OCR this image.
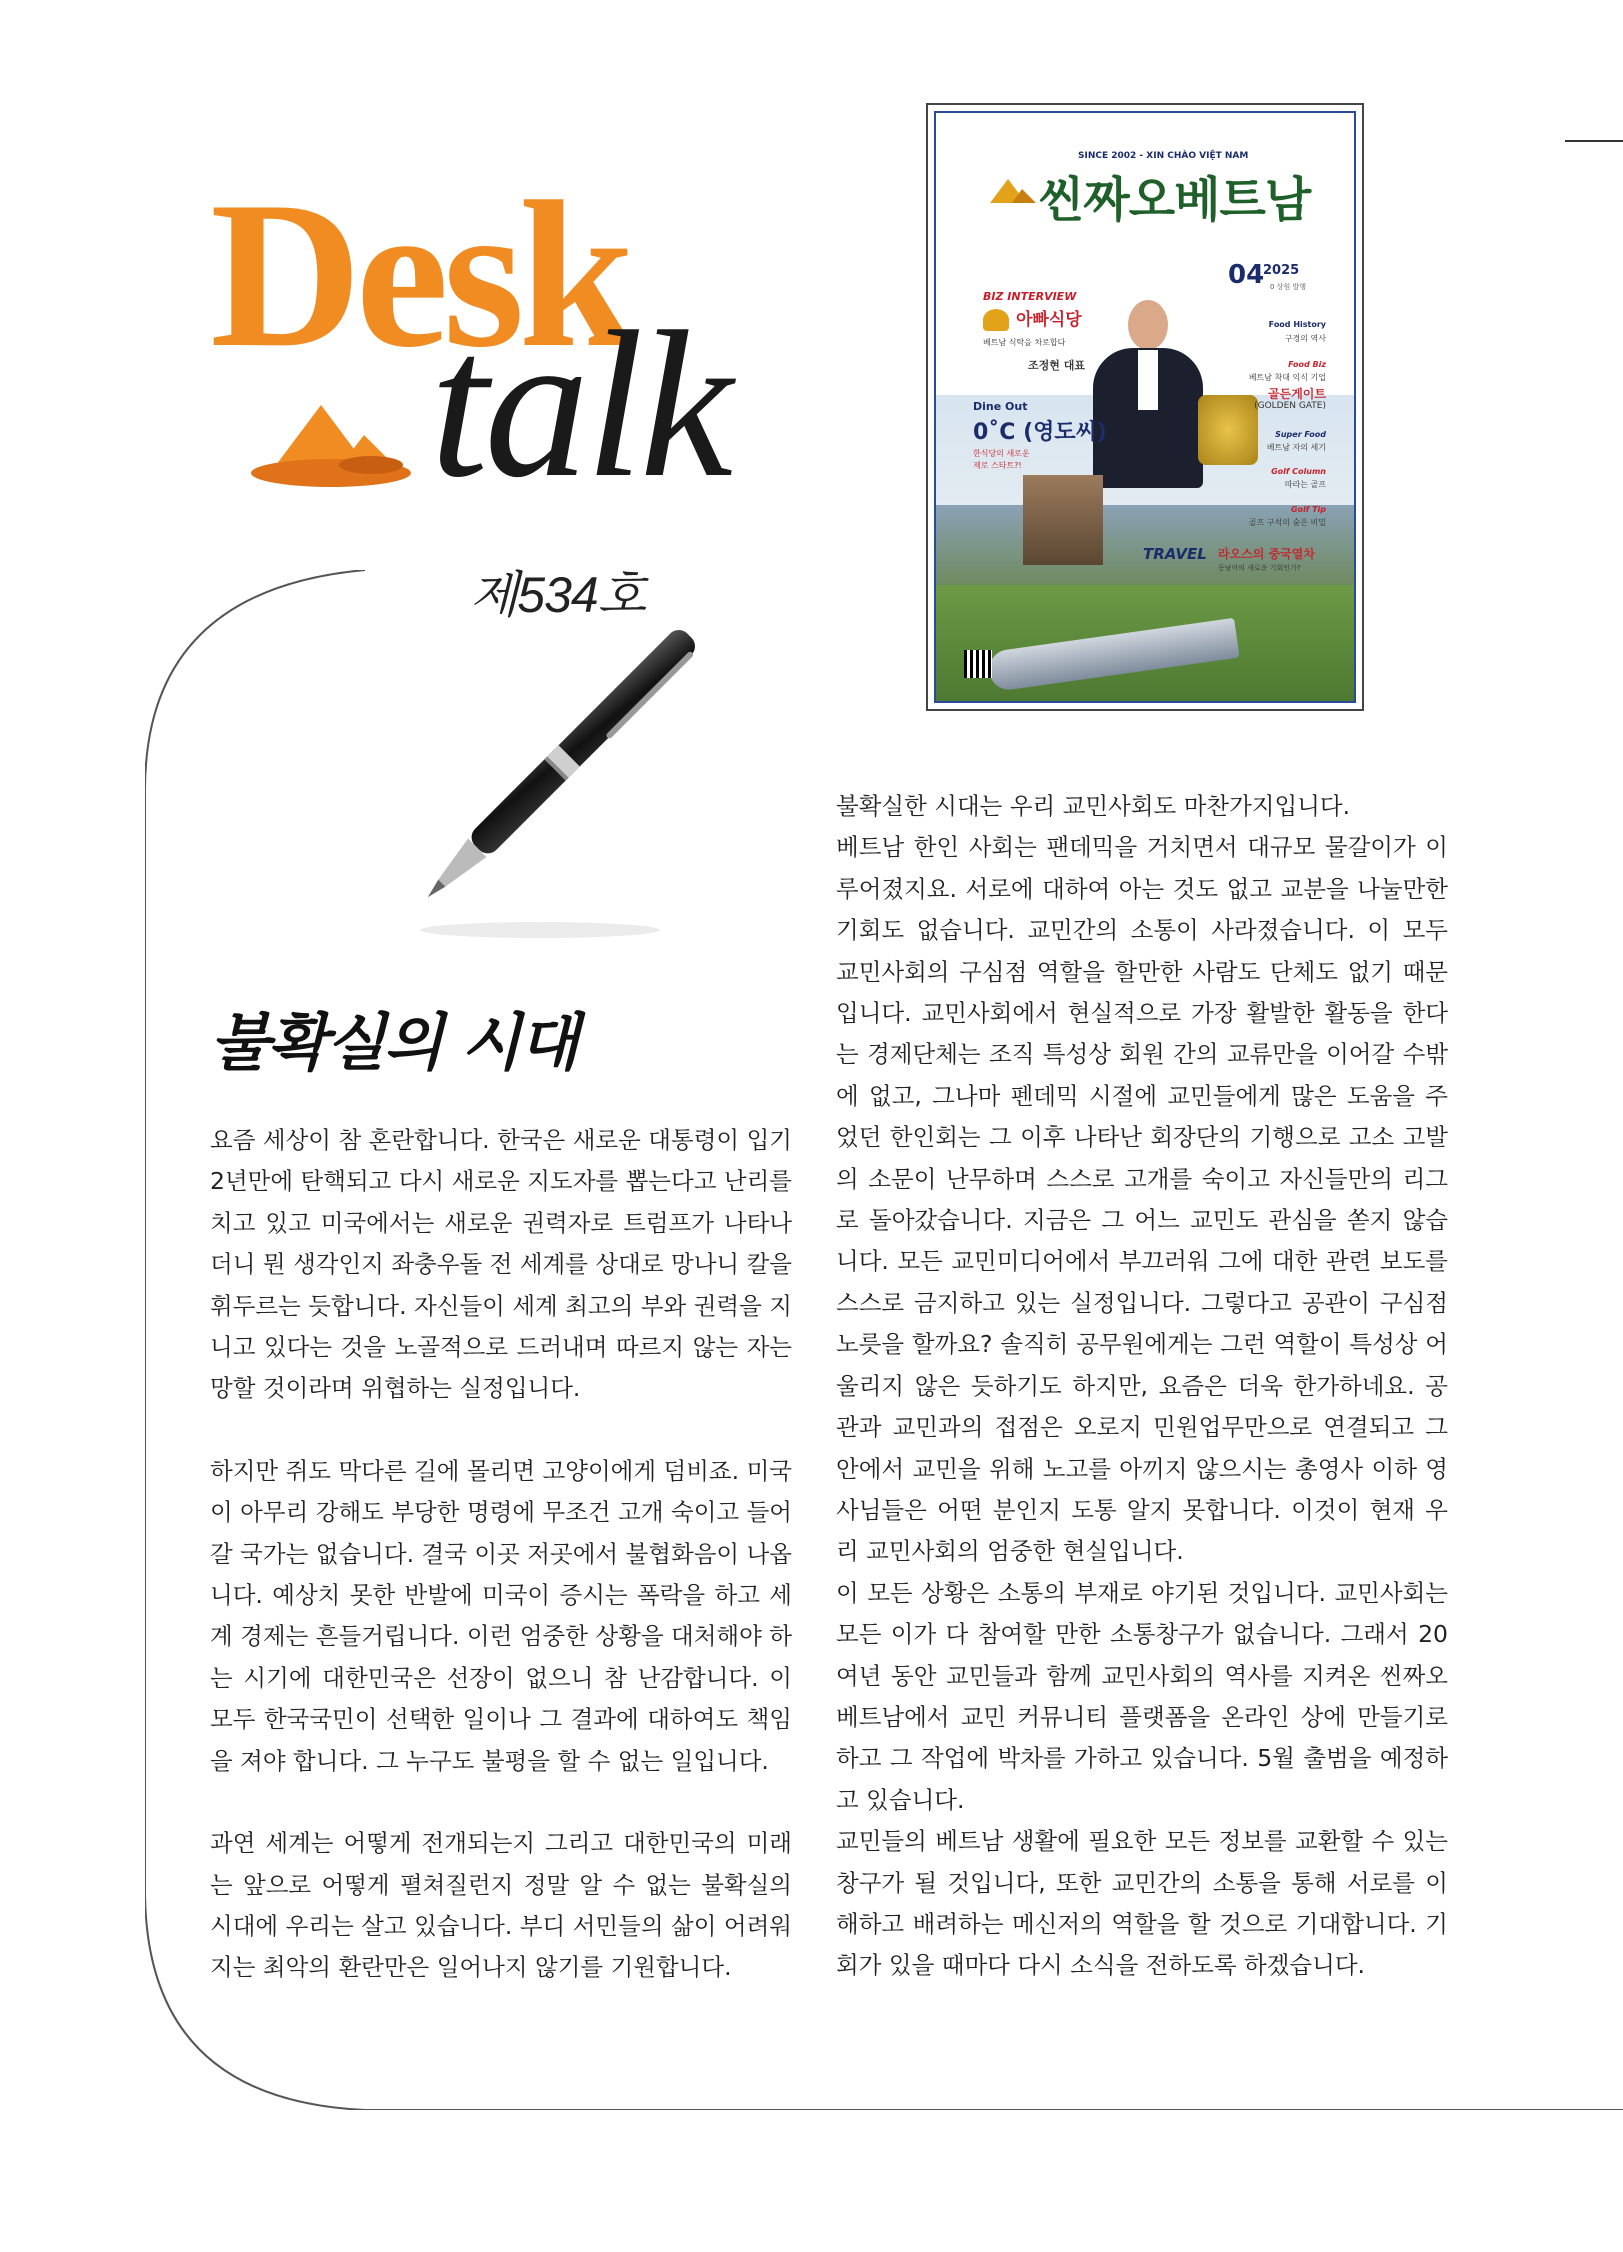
Desk
talk
제534호
SINCE 2002 - XIN CHÀO VIỆT NAM
씬짜오베트남
04
2025
0 상원 발행
BIZ INTERVIEW
아빠식당
베트남 식탁을 차로합다
조정현 대표
Dine Out
0˚C (영도씨)
한식당의 새로운
제로 스타트?!
Food History
구경의 역사
Food Biz
베트남 착대 익식 기업
골든게이트
(GOLDEN GATE)
Super Food
베트남 자의 세기
Golf Column
따라는 골프
Golf Tip
골프 구석의 숨은 비밀
TRAVEL 라오스의 중국열차
동남아의 새로운 기회인가?
불확실의 시대

요즘 세상이 참 혼란합니다. 한국은 새로운 대통령이 입기 2년만에 탄핵되고 다시 새로운 지도자를 뽑는다고 난리를 치고 있고 미국에서는 새로운 권력자로 트럼프가 나타나더니 뭔 생각인지 좌충우돌 전 세계를 상대로 망나니 칼을 휘두르는 듯합니다. 자신들이 세계 최고의 부와 권력을 지니고 있다는 것을 노골적으로 드러내며 따르지 않는 자는 망할 것이라며 위협하는 실정입니다.

하지만 쥐도 막다른 길에 몰리면 고양이에게 덤비죠. 미국이 아무리 강해도 부당한 명령에 무조건 고개 숙이고 들어갈 국가는 없습니다. 결국 이곳 저곳에서 불협화음이 나옵니다. 예상치 못한 반발에 미국이 증시는 폭락을 하고 세계 경제는 흔들거립니다. 이런 엄중한 상황을 대처해야 하는 시기에 대한민국은 선장이 없으니 참 난감합니다. 이 모두 한국국민이 선택한 일이나 그 결과에 대하여도 책임을 져야 합니다. 그 누구도 불평을 할 수 없는 일입니다.

과연 세계는 어떻게 전개되는지 그리고 대한민국의 미래는 앞으로 어떻게 펼쳐질런지 정말 알 수 없는 불확실의 시대에 우리는 살고 있습니다. 부디 서민들의 삶이 어려워지는 최악의 환란만은 일어나지 않기를 기원합니다.

불확실한 시대는 우리 교민사회도 마찬가지입니다.

베트남 한인 사회는 팬데믹을 거치면서 대규모 물갈이가 이루어졌지요. 서로에 대하여 아는 것도 없고 교분을 나눌만한 기회도 없습니다. 교민간의 소통이 사라졌습니다. 이 모두 교민사회의 구심점 역할을 할만한 사람도 단체도 없기 때문입니다. 교민사회에서 현실적으로 가장 활발한 활동을 한다는 경제단체는 조직 특성상 회원 간의 교류만을 이어갈 수밖에 없고, 그나마 펜데믹 시절에 교민들에게 많은 도움을 주었던 한인회는 그 이후 나타난 회장단의 기행으로 고소 고발의 소문이 난무하며 스스로 고개를 숙이고 자신들만의 리그로 돌아갔습니다. 지금은 그 어느 교민도 관심을 쏟지 않습니다. 모든 교민미디어에서 부끄러워 그에 대한 관련 보도를 스스로 금지하고 있는 실정입니다. 그렇다고 공관이 구심점 노릇을 할까요? 솔직히 공무원에게는 그런 역할이 특성상 어울리지 않은 듯하기도 하지만, 요즘은 더욱 한가하네요. 공관과 교민과의 접점은 오로지 민원업무만으로 연결되고 그 안에서 교민을 위해 노고를 아끼지 않으시는 총영사 이하 영사님들은 어떤 분인지 도통 알지 못합니다. 이것이 현재 우리 교민사회의 엄중한 현실입니다.

이 모든 상황은 소통의 부재로 야기된 것입니다. 교민사회는 모든 이가 다 참여할 만한 소통창구가 없습니다. 그래서 20여년 동안 교민들과 함께 교민사회의 역사를 지켜온 씬짜오베트남에서 교민 커뮤니티 플랫폼을 온라인 상에 만들기로 하고 그 작업에 박차를 가하고 있습니다. 5월 출범을 예정하고 있습니다.

교민들의 베트남 생활에 필요한 모든 정보를 교환할 수 있는 창구가 될 것입니다, 또한 교민간의 소통을 통해 서로를 이해하고 배려하는 메신저의 역할을 할 것으로 기대합니다. 기회가 있을 때마다 다시 소식을 전하도록 하겠습니다.
